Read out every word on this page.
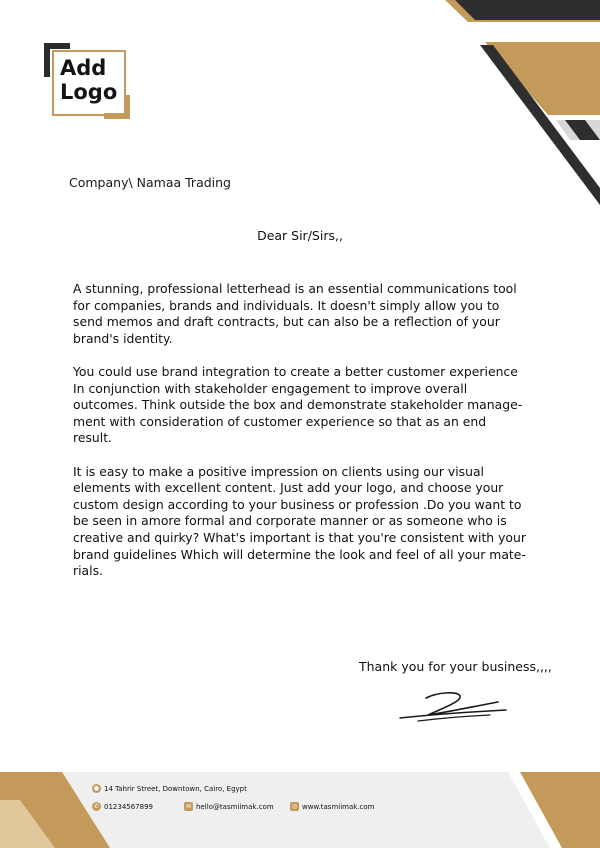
Add
Logo
Company\ Namaa Trading
Dear Sir/Sirs,,

A stunning, professional letterhead is an essential communications tool
for companies, brands and individuals. It doesn't simply allow you to
send memos and draft contracts, but can also be a reflection of your
brand's identity.

You could use brand integration to create a better customer experience
In conjunction with stakeholder engagement to improve overall
outcomes. Think outside the box and demonstrate stakeholder manage-
ment with consideration of customer experience so that as an end
result.

It is easy to make a positive impression on clients using our visual
elements with excellent content. Just add your logo, and choose your
custom design according to your business or profession .Do you want to
be seen in amore formal and corporate manner or as someone who is
creative and quirky? What's important is that you're consistent with your
brand guidelines Which will determine the look and feel of all your mate-
rials.

Thank you for your business,,,,
● 14 Tahrir Street, Downtown, Cairo, Egypt
✆ 01234567899	✉ hello@tasmiimak.com	◎ www.tasmiimak.com
